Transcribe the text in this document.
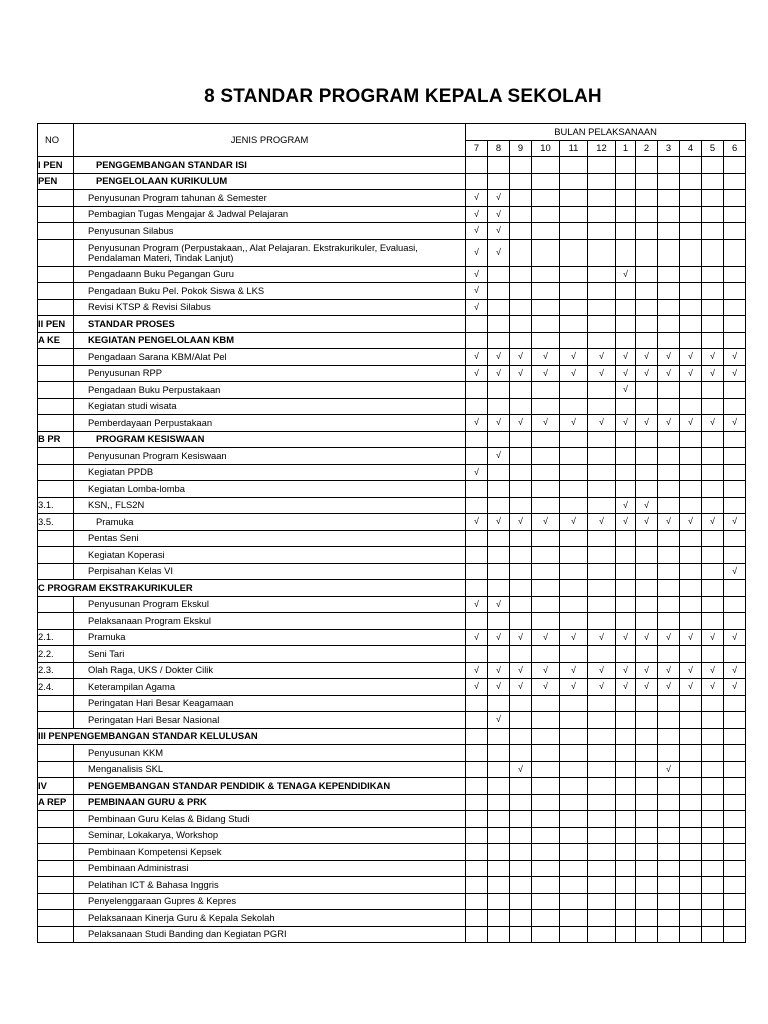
8 STANDAR PROGRAM KEPALA SEKOLAH
NO	JENIS PROGRAM	BULAN PELAKSANAAN											
		7	8	9	10	11	12	1	2	3	4	5	6
I PEN	PENGGEMBANGAN STANDAR ISI												
PEN	PENGELOLAAN KURIKULUM												
	Penyusunan Program tahunan & Semester	√	√										
	Pembagian Tugas Mengajar & Jadwal Pelajaran	√	√										
	Penyusunan Silabus	√	√										
	Penyusunan Program (Perpustakaan,, Alat Pelajaran. Ekstrakurikuler, Evaluasi, Pendalaman Materi, Tindak Lanjut)	√	√										
	Pengadaann Buku Pegangan Guru	√						√					
	Pengadaan Buku Pel. Pokok Siswa & LKS	√											
	Revisi KTSP & Revisi Silabus	√											
II PEN	STANDAR PROSES												
A KE	KEGIATAN PENGELOLAAN KBM												
	Pengadaan Sarana KBM/Alat Pel	√	√	√	√	√	√	√	√	√	√	√	√
	Penyusunan RPP	√	√	√	√	√	√	√	√	√	√	√	√
	Pengadaan Buku Perpustakaan							√					
	Kegiatan studi wisata												
	Pemberdayaan Perpustakaan	√	√	√	√	√	√	√	√	√	√	√	√
B PR	PROGRAM KESISWAAN												
	Penyusunan Program Kesiswaan		√										
	Kegiatan PPDB	√											
	Kegiatan Lomba-lomba												
3.1.	KSN,, FLS2N							√	√				
3.5.	Pramuka	√	√	√	√	√	√	√	√	√	√	√	√
	Pentas Seni												
	Kegiatan Koperasi												
	Perpisahan Kelas VI												√
C PROGRAM EKSTRAKURIKULER													
	Penyusunan Program Ekskul	√	√										
	Pelaksanaan Program Ekskul												
2.1.	Pramuka	√	√	√	√	√	√	√	√	√	√	√	√
2.2.	Seni Tari												
2.3.	Olah Raga, UKS / Dokter Cilik	√	√	√	√	√	√	√	√	√	√	√	√
2.4.	Keterampilan Agama	√	√	√	√	√	√	√	√	√	√	√	√
	Peringatan Hari Besar Keagamaan												
	Peringatan Hari Besar Nasional		√										
III PENPENGEMBANGAN STANDAR KELULUSAN													
	Penyusunan KKM												
	Menganalisis SKL			√						√			
IV	PENGEMBANGAN STANDAR PENDIDIK & TENAGA KEPENDIDIKAN												
A REP	PEMBINAAN GURU & PRK												
	Pembinaan Guru Kelas & Bidang Studi												
	Seminar, Lokakarya, Workshop												
	Pembinaan Kompetensi Kepsek												
	Pembinaan Administrasi												
	Pelatihan ICT & Bahasa Inggris												
	Penyelenggaraan Gupres & Kepres												
	Pelaksanaan Kinerja Guru & Kepala Sekolah												
	Pelaksanaan Studi Banding dan Kegiatan PGRI												
